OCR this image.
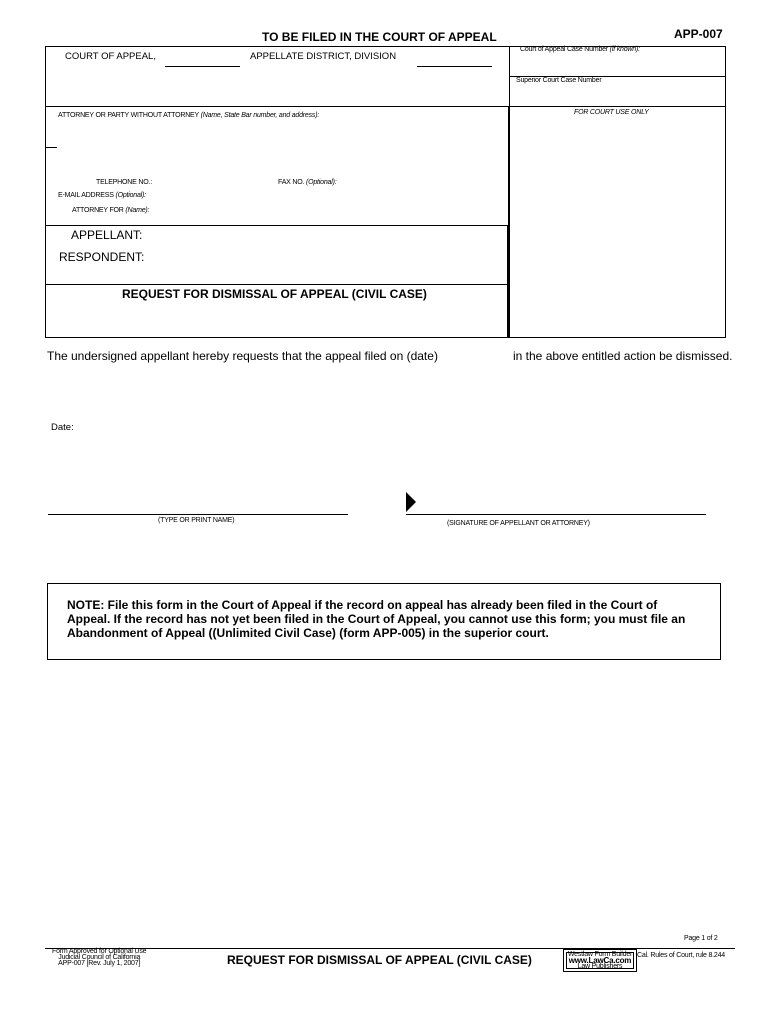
TO BE FILED IN THE COURT OF APPEAL	APP-007
COURT OF APPEAL,	APPELLATE DISTRICT, DIVISION
Court of Appeal Case Number (if known):
Superior Court Case Number
ATTORNEY OR PARTY WITHOUT ATTORNEY (Name, State Bar number, and address):
TELEPHONE NO.:	FAX NO. (Optional):
E-MAIL ADDRESS (Optional):
ATTORNEY FOR (Name):
APPELLANT:
RESPONDENT:
REQUEST FOR DISMISSAL OF APPEAL (CIVIL CASE)
FOR COURT USE ONLY
The undersigned appellant hereby requests that the appeal filed on (date)	in the above entitled action be dismissed.
Date:
(TYPE OR PRINT NAME)	(SIGNATURE OF APPELLANT OR ATTORNEY)
NOTE: File this form in the Court of Appeal if the record on appeal has already been filed in the Court of Appeal. If the record has not yet been filed in the Court of Appeal, you cannot use this form; you must file an Abandonment of Appeal ((Unlimited Civil Case) (form APP-005) in the superior court.
Page 1 of 2
Form Approved for Optional Use
Judicial Council of California
APP-007 [Rev. July 1, 2007]	REQUEST FOR DISMISSAL OF APPEAL (CIVIL CASE)	Westlaw Form Builder
www.LawCa.com
Law Publishers
Cal. Rules of Court, rule 8.244
